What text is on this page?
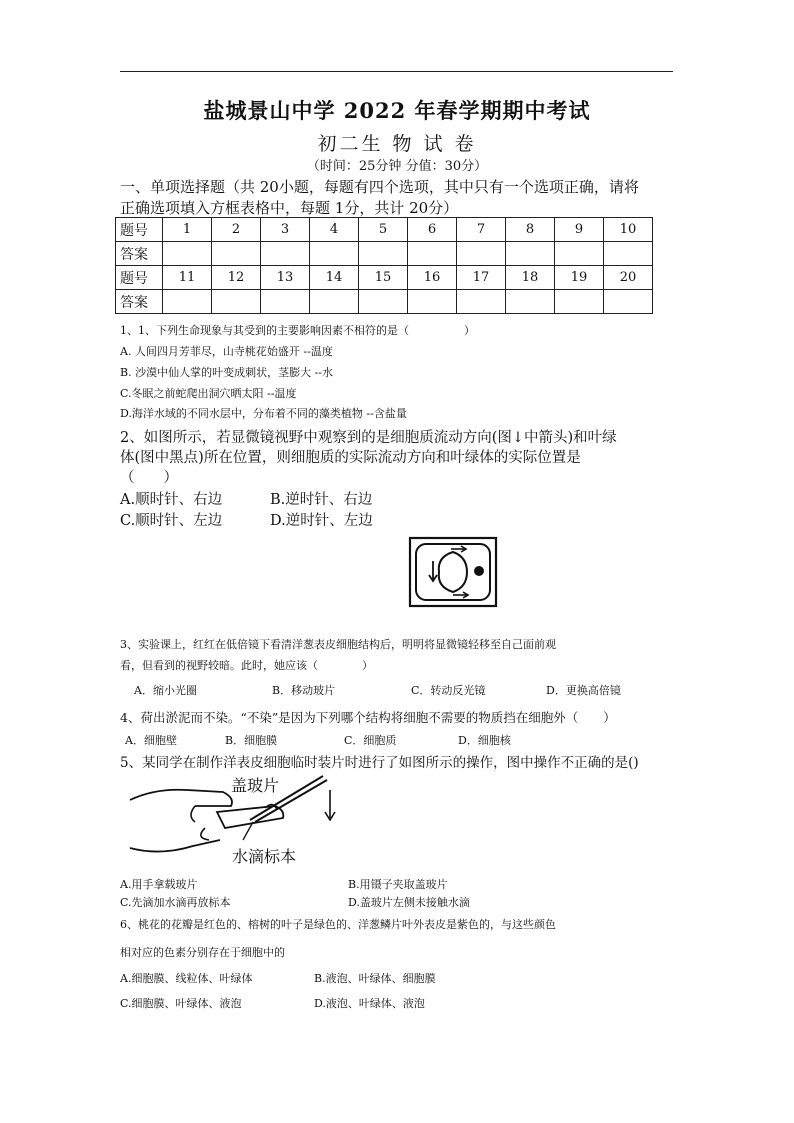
盐城景山中学 2022 年春学期期中考试
初二生 物 试 卷
（时间：25分钟 分值：30分）
一、单项选择题（共 20小题，每题有四个选项，其中只有一个选项正确，请将
正确选项填入方框表格中，每题 1分，共计 20分）
题号	1	2	3	4	5	6	7	8	9	10
答案										
题号	11	12	13	14	15	16	17	18	19	20
答案										
1、1、下列生命现象与其受到的主要影响因素不相符的是（　　　　　）
A. 人间四月芳菲尽，山寺桃花始盛开 --温度
B. 沙漠中仙人掌的叶变成刺状，茎膨大 --水
C.冬眠之前蛇爬出洞穴晒太阳 --温度
D.海洋水域的不同水层中，分布着不同的藻类植物 --含盐量
2、如图所示，若显微镜视野中观察到的是细胞质流动方向(图↓中箭头)和叶绿
体(图中黑点)所在位置，则细胞质的实际流动方向和叶绿体的实际位置是
（　　）
A.顺时针、右边	B.逆时针、右边
C.顺时针、左边	D.逆时针、左边
3、实验课上，红红在低倍镜下看清洋葱表皮细胞结构后，明明将显微镜轻移至自己面前观
看，但看到的视野较暗。此时，她应该（　　　　）
A．缩小光圈	B．移动玻片	C．转动反光镜	D．更换高倍镜
4、荷出淤泥而不染。“不染”是因为下列哪个结构将细胞不需要的物质挡在细胞外（　　）
A．细胞壁	B．细胞膜	C．细胞质	D．细胞核
5、某同学在制作洋表皮细胞临时装片时进行了如图所示的操作，图中操作不正确的是()
盖玻片
水滴标本
A.用手拿载玻片	B.用镊子夹取盖玻片
C.先滴加水滴再放标本	D.盖玻片左侧未接触水滴
6、桃花的花瓣是红色的、榕树的叶子是绿色的、洋葱鳞片叶外表皮是紫色的，与这些颜色
相对应的色素分别存在于细胞中的
A.细胞膜、线粒体、叶绿体	B.液泡、叶绿体、细胞膜
C.细胞膜、叶绿体、液泡	D.液泡、叶绿体、液泡
